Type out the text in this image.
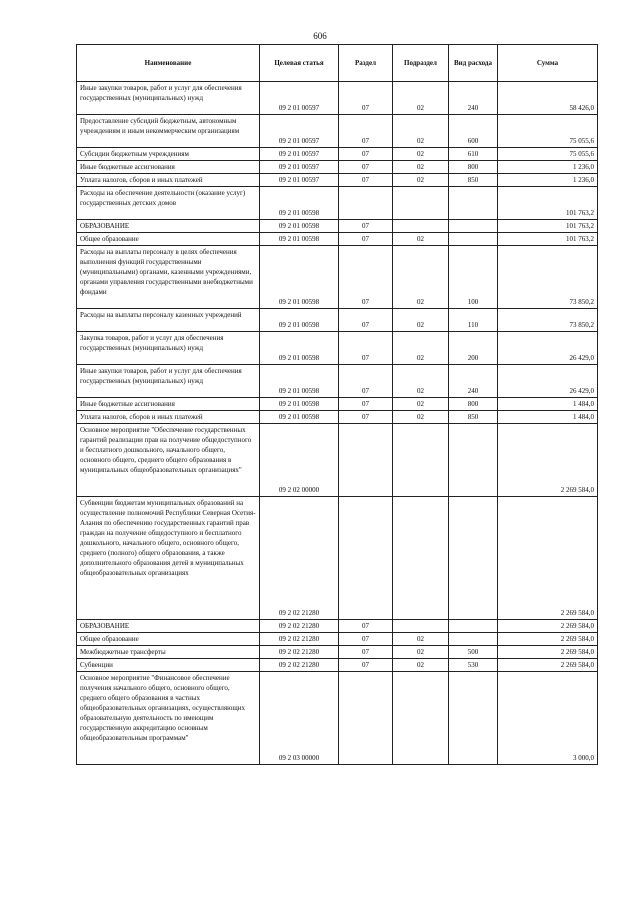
606
Наименование	Целевая статья	Раздел	Подраздел	Вид расхода	Сумма
Иные закупки товаров, работ и услуг для обеспечения государственных (муниципальных) нужд	09 2 01 00597	07	02	240	58 426,0
Предоставление субсидий бюджетным, автономным учреждениям и иным некоммерческим организациям	09 2 01 00597	07	02	600	75 055,6
Субсидии бюджетным учреждениям	09 2 01 00597	07	02	610	75 055,6
Иные бюджетные ассигнования	09 2 01 00597	07	02	800	1 236,0
Уплата налогов, сборов и иных платежей	09 2 01 00597	07	02	850	1 236,0
Расходы на обеспечение деятельности (оказание услуг) государственных детских домов	09 2 01 00598				101 763,2
ОБРАЗОВАНИЕ	09 2 01 00598	07			101 763,2
Общее образование	09 2 01 00598	07	02		101 763,2
Расходы на выплаты персоналу в целях обеспечения выполнения функций государственными (муниципальными) органами, казенными учреждениями, органами управления государственными внебюджетными фондами	09 2 01 00598	07	02	100	73 850,2
Расходы на выплаты персоналу казенных учреждений	09 2 01 00598	07	02	110	73 850,2
Закупка товаров, работ и услуг для обеспечения государственных (муниципальных) нужд	09 2 01 00598	07	02	200	26 429,0
Иные закупки товаров, работ и услуг для обеспечения государственных (муниципальных) нужд	09 2 01 00598	07	02	240	26 429,0
Иные бюджетные ассигнования	09 2 01 00598	07	02	800	1 484,0
Уплата налогов, сборов и иных платежей	09 2 01 00598	07	02	850	1 484,0
Основное мероприятие "Обеспечение государственных гарантий реализации прав на получение общедоступного и бесплатного дошкольного, начального общего, основного общего, среднего общего образования в муниципальных общеобразовательных организациях"	09 2 02 00000				2 269 584,0
Субвенции бюджетам муниципальных образований на осуществление полномочий Республики Северная Осетия-Алания по обеспечению государственных гарантий прав граждан на получение общедоступного и бесплатного дошкольного, начального общего, основного общего, среднего (полного) общего образования, а также дополнительного образования детей в муниципальных общеобразовательных организациях	09 2 02 21280				2 269 584,0
ОБРАЗОВАНИЕ	09 2 02 21280	07			2 269 584,0
Общее образование	09 2 02 21280	07	02		2 269 584,0
Межбюджетные трансферты	09 2 02 21280	07	02	500	2 269 584,0
Субвенции	09 2 02 21280	07	02	530	2 269 584,0
Основное мероприятие "Финансовое обеспечение получения начального общего, основного общего, среднего общего образования в частных общеобразовательных организациях, осуществляющих образовательную деятельность по имеющим государственную аккредитацию основным общеобразовательным программам"	09 2 03 00000				3 000,0
